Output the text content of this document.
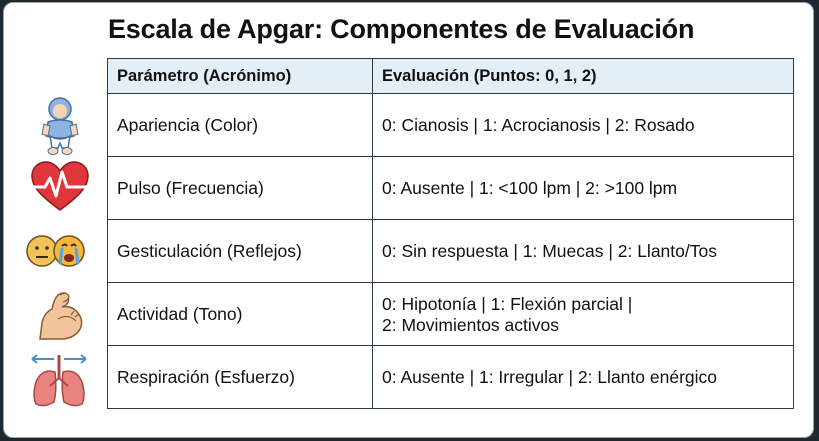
Escala de Apgar: Componentes de Evaluación
Parámetro (Acrónimo)	Evaluación (Puntos: 0, 1, 2)
Apariencia (Color)	0: Cianosis | 1: Acrocianosis | 2: Rosado
Pulso (Frecuencia)	0: Ausente | 1: <100 lpm | 2: >100 lpm
Gesticulación (Reflejos)	0: Sin respuesta | 1: Muecas | 2: Llanto/Tos
Actividad (Tono)	0: Hipotonía | 1: Flexión parcial |
2: Movimientos activos
Respiración (Esfuerzo)	0: Ausente | 1: Irregular | 2: Llanto enérgico
